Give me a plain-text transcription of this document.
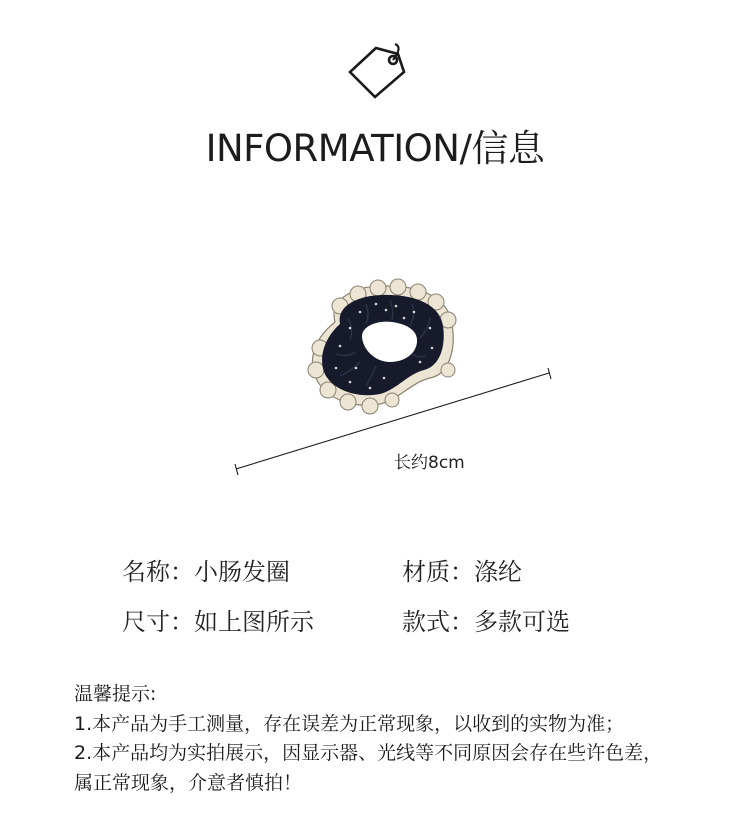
INFORMATION/信息
长约8cm
名称：小肠发圈	材质：涤纶
尺寸：如上图所示	款式：多款可选
温馨提示:
1.本产品为手工测量，存在误差为正常现象，以收到的实物为准；
2.本产品均为实拍展示，因显示器、光线等不同原因会存在些许色差，
属正常现象，介意者慎拍！
